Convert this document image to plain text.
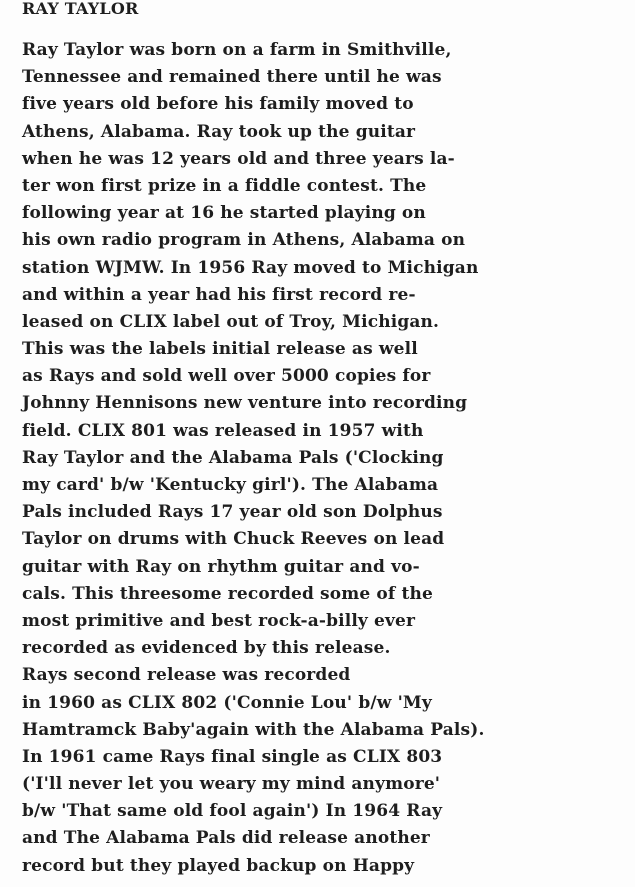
RAY TAYLOR
Ray Taylor was born on a farm in Smithville,
Tennessee and remained there until he was
five years old before his family moved to
Athens, Alabama. Ray took up the guitar
when he was 12 years old and three years la-
ter won first prize in a fiddle contest. The
following year at 16 he started playing on
his own radio program in Athens, Alabama on
station WJMW. In 1956 Ray moved to Michigan
and within a year had his first record re-
leased on CLIX label out of Troy, Michigan.
This was the labels initial release as well
as Rays and sold well over 5000 copies for
Johnny Hennisons new venture into recording
field. CLIX 801 was released in 1957 with
Ray Taylor and the Alabama Pals ('Clocking
my card' b/w 'Kentucky girl'). The Alabama
Pals included Rays 17 year old son Dolphus
Taylor on drums with Chuck Reeves on lead
guitar with Ray on rhythm guitar and vo-
cals. This threesome recorded some of the
most primitive and best rock-a-billy ever
recorded as evidenced by this release.
Rays second release was recorded
in 1960 as CLIX 802 ('Connie Lou' b/w 'My
Hamtramck Baby'again with the Alabama Pals).
In 1961 came Rays final single as CLIX 803
('I'll never let you weary my mind anymore'
b/w 'That same old fool again') In 1964 Ray
and The Alabama Pals did release another
record but they played backup on Happy
